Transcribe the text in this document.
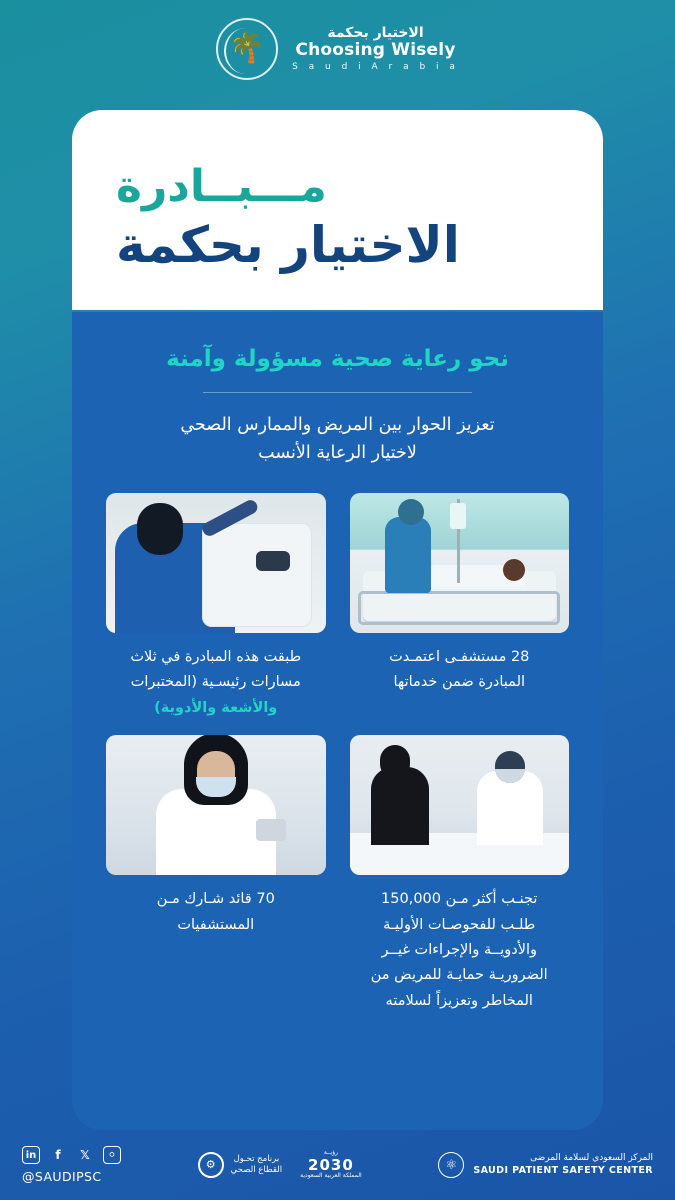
الاختيار بحكمة
Choosing Wisely
S a u d i A r a b i a
🌴
مـــبــادرة
الاختيار بحكمة
نحو رعاية صحية مسؤولة وآمنة
تعزيز الحوار بين المريض والممارس الصحي
لاختيار الرعاية الأنسب
28 مستشفـى اعتمـدت
المبادرة ضمن خدماتها
طبقت هذه المبادرة في ثلاث
مسارات رئيسـية (المختبرات
والأشعة والأدوية)
تجنـب أكثر مـن 150,000
طلـب للفحوصـات الأوليـة
والأدويــة والإجراءات غيــر
الضروريـة حمايـة للمريض من
المخاطر وتعزيزاً لسلامته
70 قائد شـارك مـن
المستشفيات
المركز السعودي لسلامة المرضى
SAUDI PATIENT SAFETY CENTER
⚛
رؤيــة
2030
المملكة العربية السعودية
برنامج تحـول
القطاع الصحي
⚙
in	f	𝕏	⚪
@SAUDIPSC
